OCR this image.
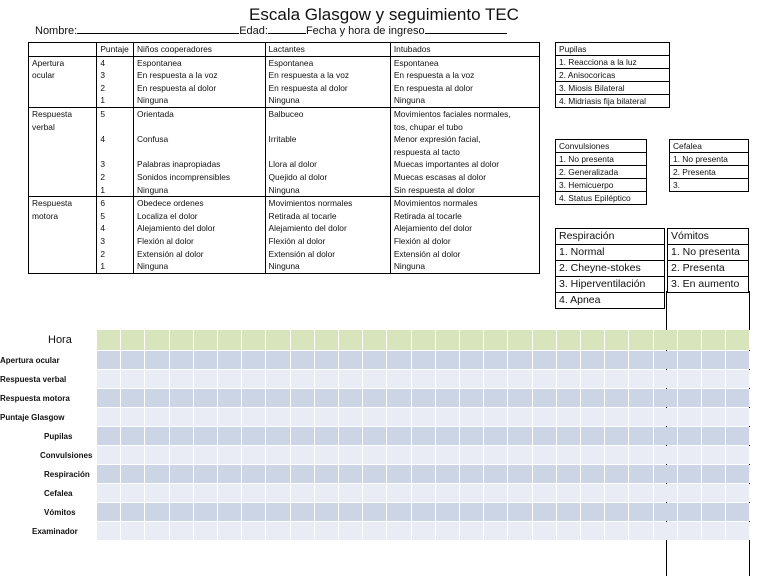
Escala Glasgow y seguimiento TEC
Nombre:	Edad:	Fecha y hora de ingreso
	Puntaje	Niños cooperadores	Lactantes	Intubados
Apertura	4	Espontanea	Espontanea	Espontanea
ocular	3	En respuesta a la voz	En respuesta a la voz	En respuesta a la voz
	2	En respuesta al dolor	En respuesta al dolor	En respuesta al dolor
	1	Ninguna	Ninguna	Ninguna
Respuesta	5	Orientada	Balbuceo	Movimientos faciales normales,
verbal				tos, chupar el tubo
	4	Confusa	Irritable	Menor expresión facial,
				respuesta al tacto
	3	Palabras inapropiadas	Llora al dolor	Muecas importantes al dolor
	2	Sonidos incomprensibles	Quejido al dolor	Muecas escasas al dolor
	1	Ninguna	Ninguna	Sin respuesta al dolor
Respuesta	6	Obedece ordenes	Movimientos normales	Movimientos normales
motora	5	Localiza el dolor	Retirada al tocarle	Retirada al tocarle
	4	Alejamiento del dolor	Alejamiento del dolor	Alejamiento del dolor
	3	Flexión al dolor	Flexión al dolor	Flexión al dolor
	2	Extensión al dolor	Extensión al dolor	Extensión al dolor
	1	Ninguna	Ninguna	Ninguna
Pupilas
1. Reacciona a la luz
2. Anisocoricas
3. Miosis Bilateral
4. Midriasis fija bilateral
Convulsiones
1. No presenta
2. Generalizada
3. Hemicuerpo
4. Status Epiléptico
Cefalea
1. No presenta
2. Presenta
3.
Respiración
1. Normal
2. Cheyne-stokes
3. Hiperventilación
4. Apnea
Vómitos
1. No presenta
2. Presenta
3. En aumento
Hora
Apertura ocular
Respuesta verbal
Respuesta motora
Puntaje Glasgow
Pupilas
Convulsiones
Respiración
Cefalea
Vómitos
Examinador
